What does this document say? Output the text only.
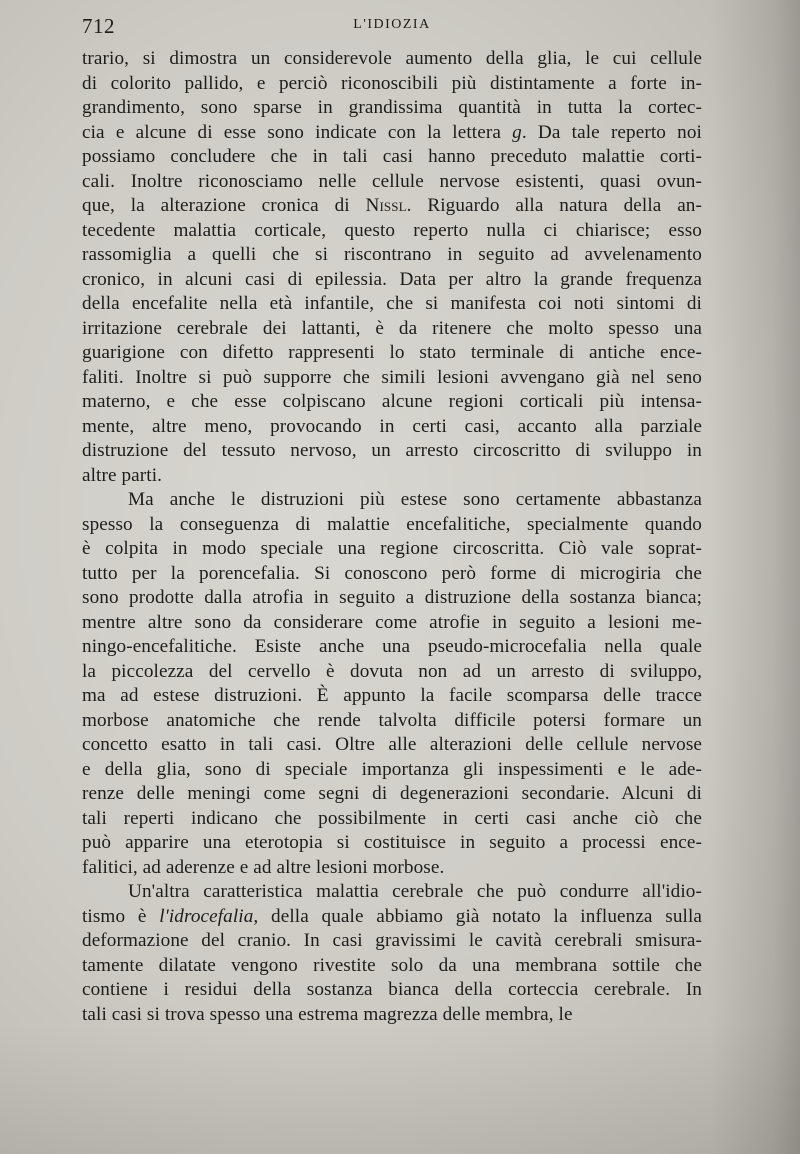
712	L'IDIOZIA
trario, si dimostra un considerevole aumento della glia, le cui cellule
di colorito pallido, e perciò riconoscibili più distintamente a forte in-
grandimento, sono sparse in grandissima quantità in tutta la cortec-
cia e alcune di esse sono indicate con la lettera g. Da tale reperto noi
possiamo concludere che in tali casi hanno preceduto malattie corti-
cali. Inoltre riconosciamo nelle cellule nervose esistenti, quasi ovun-
que, la alterazione cronica di Nissl. Riguardo alla natura della an-
tecedente malattia corticale, questo reperto nulla ci chiarisce; esso
rassomiglia a quelli che si riscontrano in seguito ad avvelenamento
cronico, in alcuni casi di epilessia. Data per altro la grande frequenza
della encefalite nella età infantile, che si manifesta coi noti sintomi di
irritazione cerebrale dei lattanti, è da ritenere che molto spesso una
guarigione con difetto rappresenti lo stato terminale di antiche ence-
faliti. Inoltre si può supporre che simili lesioni avvengano già nel seno
materno, e che esse colpiscano alcune regioni corticali più intensa-
mente, altre meno, provocando in certi casi, accanto alla parziale
distruzione del tessuto nervoso, un arresto circoscritto di sviluppo in
altre parti.
Ma anche le distruzioni più estese sono certamente abbastanza
spesso la conseguenza di malattie encefalitiche, specialmente quando
è colpita in modo speciale una regione circoscritta. Ciò vale soprat-
tutto per la porencefalia. Si conoscono però forme di microgiria che
sono prodotte dalla atrofia in seguito a distruzione della sostanza bianca;
mentre altre sono da considerare come atrofie in seguito a lesioni me-
ningo-encefalitiche. Esiste anche una pseudo-microcefalia nella quale
la piccolezza del cervello è dovuta non ad un arresto di sviluppo,
ma ad estese distruzioni. È appunto la facile scomparsa delle tracce
morbose anatomiche che rende talvolta difficile potersi formare un
concetto esatto in tali casi. Oltre alle alterazioni delle cellule nervose
e della glia, sono di speciale importanza gli inspessimenti e le ade-
renze delle meningi come segni di degenerazioni secondarie. Alcuni di
tali reperti indicano che possibilmente in certi casi anche ciò che
può apparire una eterotopia si costituisce in seguito a processi ence-
falitici, ad aderenze e ad altre lesioni morbose.
Un'altra caratteristica malattia cerebrale che può condurre all'idio-
tismo è l'idrocefalia, della quale abbiamo già notato la influenza sulla
deformazione del cranio. In casi gravissimi le cavità cerebrali smisura-
tamente dilatate vengono rivestite solo da una membrana sottile che
contiene i residui della sostanza bianca della corteccia cerebrale. In
tali casi si trova spesso una estrema magrezza delle membra, le
